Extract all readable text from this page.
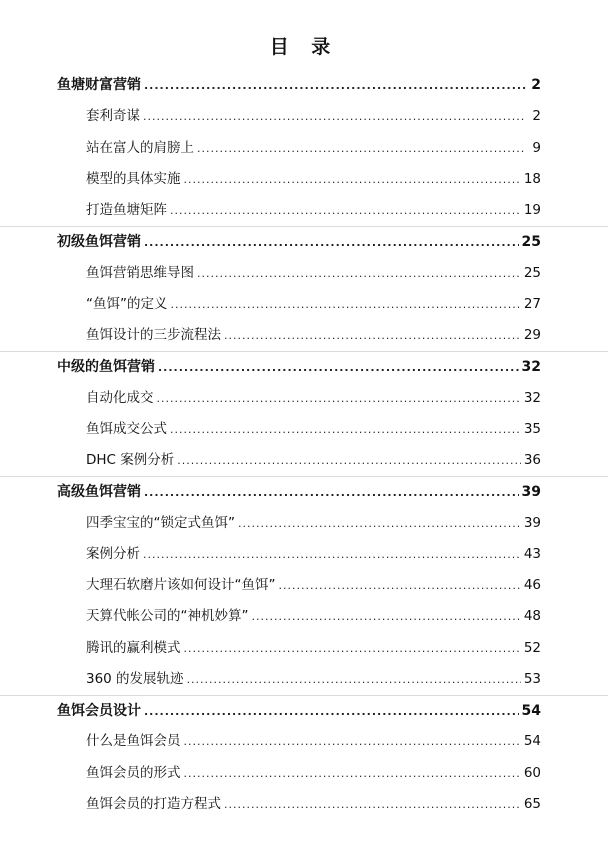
目 录
鱼塘财富营销 .....	2
套利奇谋 .....	2
站在富人的肩膀上 .....	9
模型的具体实施 .....	18
打造鱼塘矩阵 .....	19
初级鱼饵营销 .....	25
鱼饵营销思维导图 .....	25
“鱼饵”的定义 .....	27
鱼饵设计的三步流程法 .....	29
中级的鱼饵营销 .....	32
自动化成交 .....	32
鱼饵成交公式 .....	35
DHC 案例分析 .....	36
高级鱼饵营销 .....	39
四季宝宝的“锁定式鱼饵” .....	39
案例分析 .....	43
大理石软磨片该如何设计“鱼饵” .....	46
天算代帐公司的“神机妙算” .....	48
腾讯的赢利模式 .....	52
360 的发展轨迹 .....	53
鱼饵会员设计 .....	54
什么是鱼饵会员 .....	54
鱼饵会员的形式 .....	60
鱼饵会员的打造方程式 .....	65
